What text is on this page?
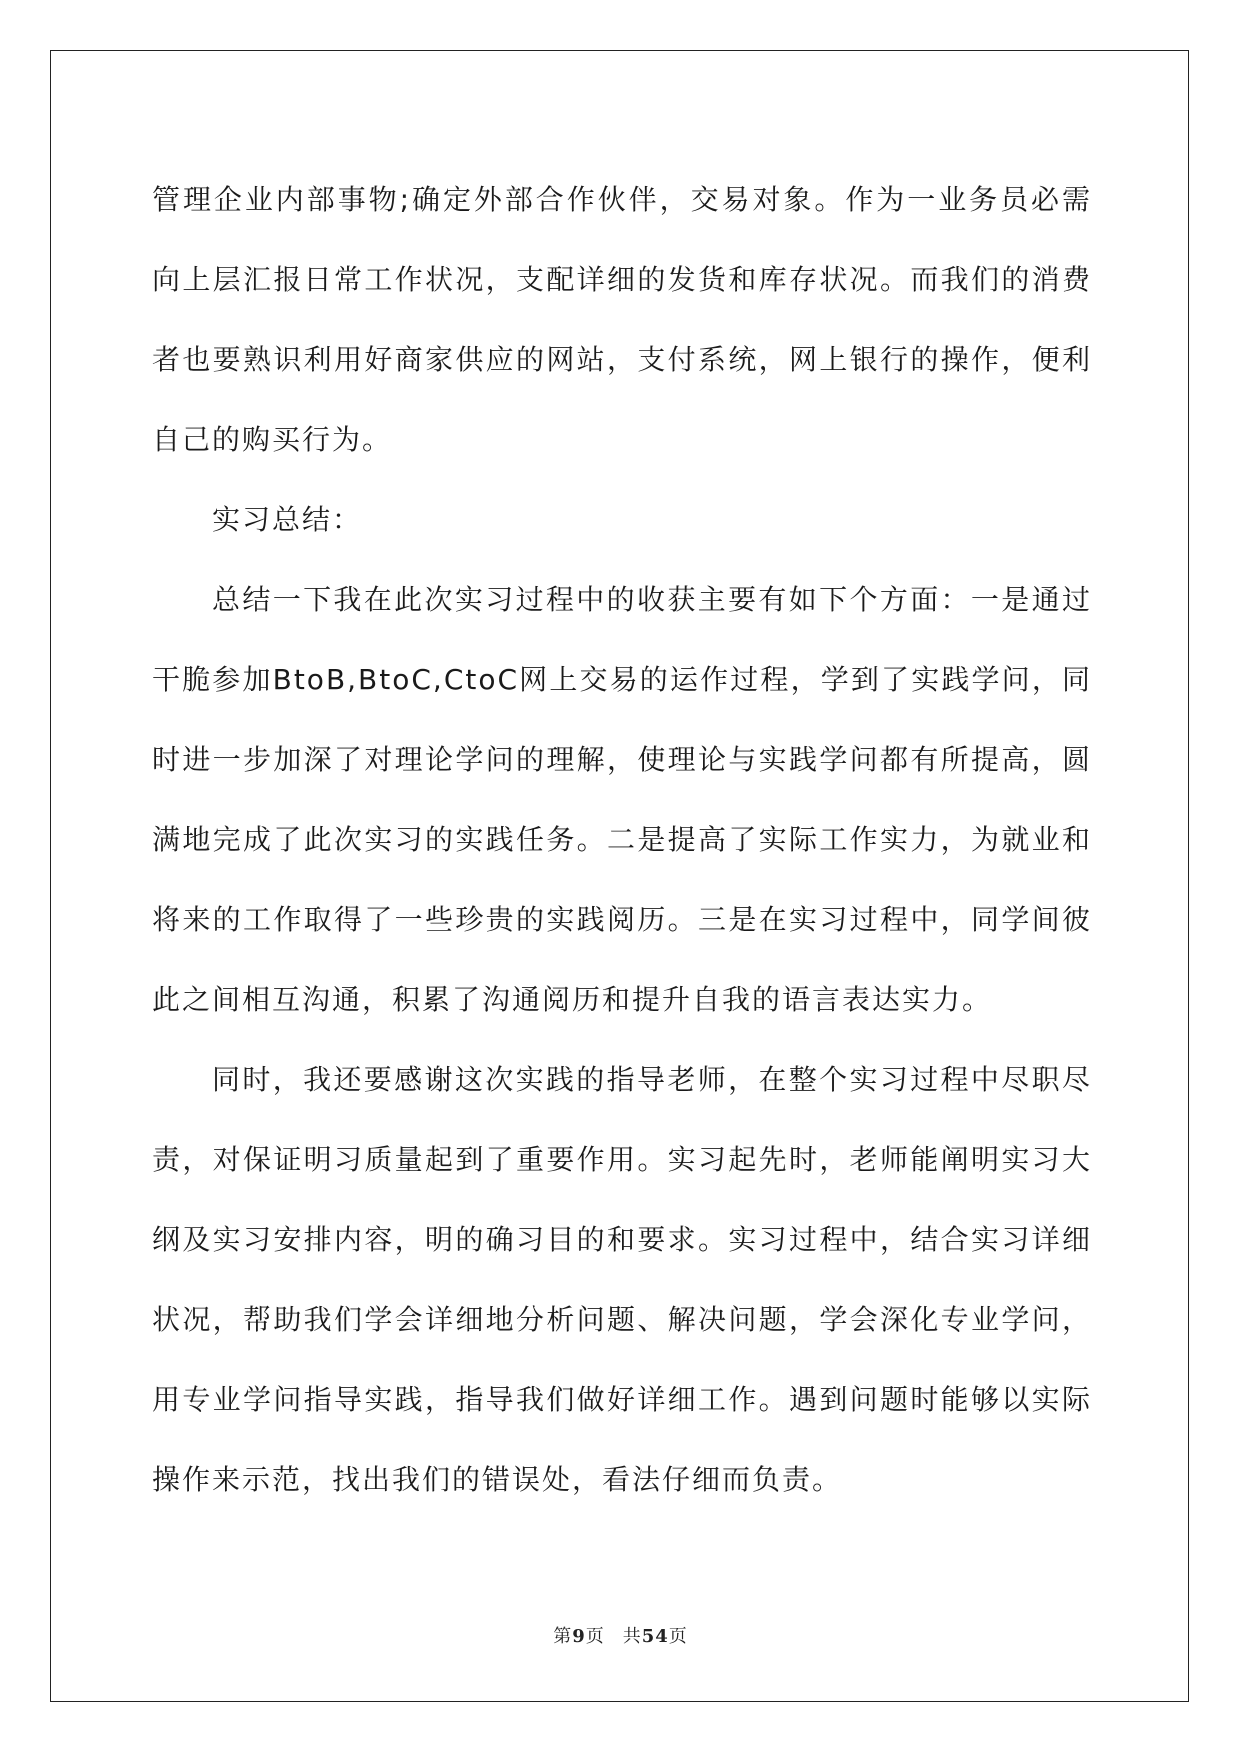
管理企业内部事物;确定外部合作伙伴，交易对象。作为一业务员必需向上层汇报日常工作状况，支配详细的发货和库存状况。而我们的消费者也要熟识利用好商家供应的网站，支付系统，网上银行的操作，便利自己的购买行为。

实习总结：

总结一下我在此次实习过程中的收获主要有如下个方面：一是通过干脆参加BtoB,BtoC,CtoC网上交易的运作过程，学到了实践学问，同时进一步加深了对理论学问的理解，使理论与实践学问都有所提高，圆满地完成了此次实习的实践任务。二是提高了实际工作实力，为就业和将来的工作取得了一些珍贵的实践阅历。三是在实习过程中，同学间彼此之间相互沟通，积累了沟通阅历和提升自我的语言表达实力。

同时，我还要感谢这次实践的指导老师，在整个实习过程中尽职尽责，对保证明习质量起到了重要作用。实习起先时，老师能阐明实习大纲及实习安排内容，明的确习目的和要求。实习过程中，结合实习详细状况，帮助我们学会详细地分析问题、解决问题，学会深化专业学问，用专业学问指导实践，指导我们做好详细工作。遇到问题时能够以实际操作来示范，找出我们的错误处，看法仔细而负责。

第9页 共54页
